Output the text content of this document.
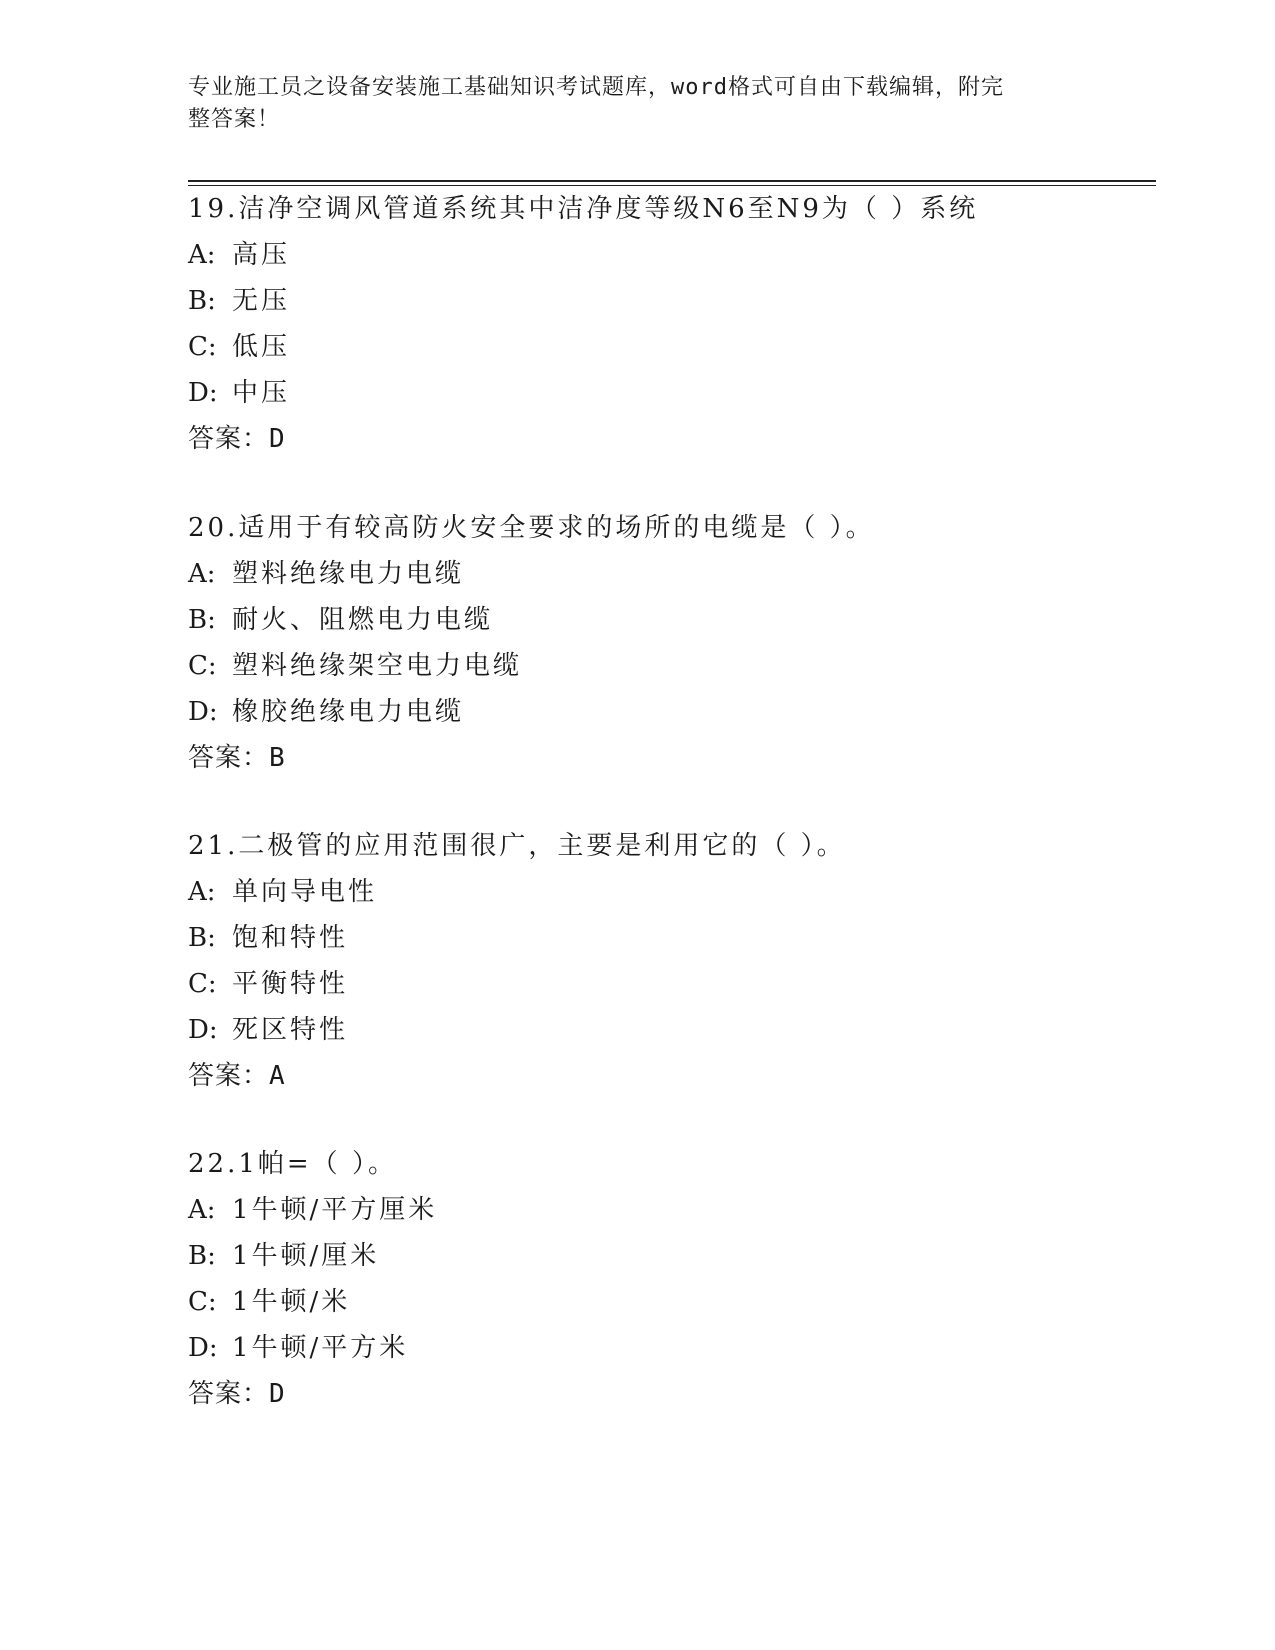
专业施工员之设备安装施工基础知识考试题库，word格式可自由下载编辑，附完
整答案！
19.洁净空调风管道系统其中洁净度等级N6至N9为（ ）系统
A: 高压
B: 无压
C: 低压
D: 中压
答案：D
20.适用于有较高防火安全要求的场所的电缆是（ ）。
A: 塑料绝缘电力电缆
B: 耐火、阻燃电力电缆
C: 塑料绝缘架空电力电缆
D: 橡胶绝缘电力电缆
答案：B
21.二极管的应用范围很广，主要是利用它的（ ）。
A: 单向导电性
B: 饱和特性
C: 平衡特性
D: 死区特性
答案：A
22.1帕=（ ）。
A: 1牛顿/平方厘米
B: 1牛顿/厘米
C: 1牛顿/米
D: 1牛顿/平方米
答案：D
